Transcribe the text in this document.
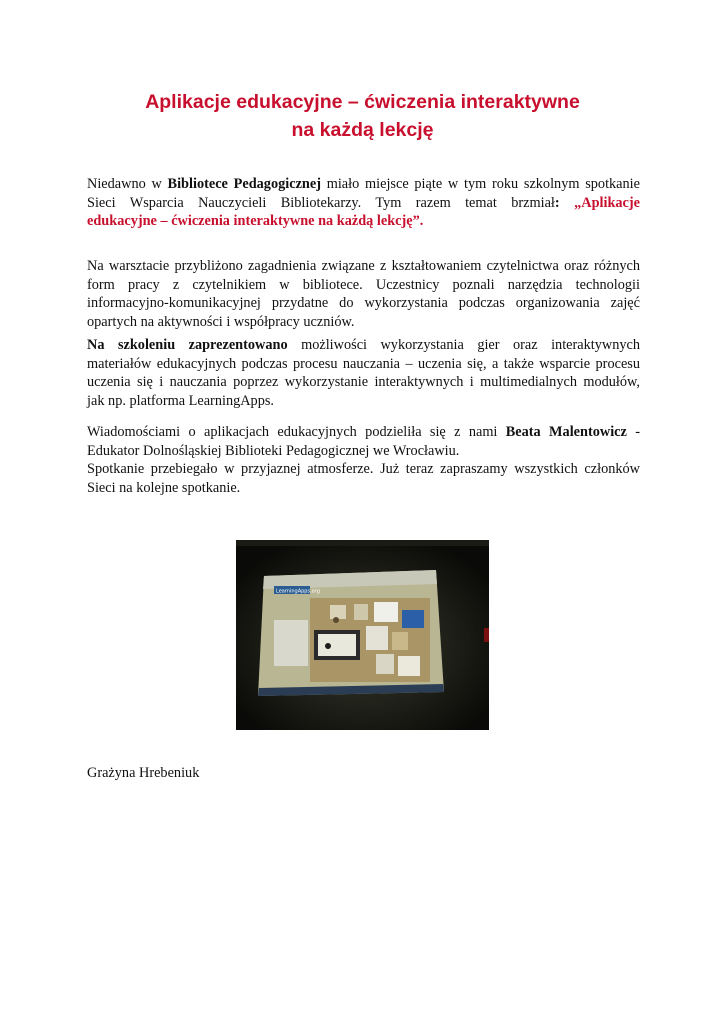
Aplikacje edukacyjne – ćwiczenia interaktywne
na każdą lekcję

Niedawno w Bibliotece Pedagogicznej miało miejsce piąte w tym roku szkolnym spotkanie
Sieci Wsparcia Nauczycieli Bibliotekarzy. Tym razem temat brzmiał: „Aplikacje
edukacyjne – ćwiczenia interaktywne na każdą lekcję”.

Na warsztacie przybliżono zagadnienia związane z kształtowaniem czytelnictwa oraz różnych
form pracy z czytelnikiem w bibliotece. Uczestnicy poznali narzędzia technologii
informacyjno-komunikacyjnej przydatne do wykorzystania podczas organizowania zajęć
opartych na aktywności i współpracy uczniów.

Na szkoleniu zaprezentowano możliwości wykorzystania gier oraz interaktywnych
materiałów edukacyjnych podczas procesu nauczania – uczenia się, a także wsparcie procesu
uczenia się i nauczania poprzez wykorzystanie interaktywnych i multimedialnych modułów,
jak np. platforma LearningApps.

Wiadomościami o aplikacjach edukacyjnych podzieliła się z nami Beata Malentowicz -
Edukator Dolnośląskiej Biblioteki Pedagogicznej we Wrocławiu.
Spotkanie przebiegało w przyjaznej atmosferze. Już teraz zapraszamy wszystkich członków
Sieci na kolejne spotkanie.

LearningApps.org
Grażyna Hrebeniuk
